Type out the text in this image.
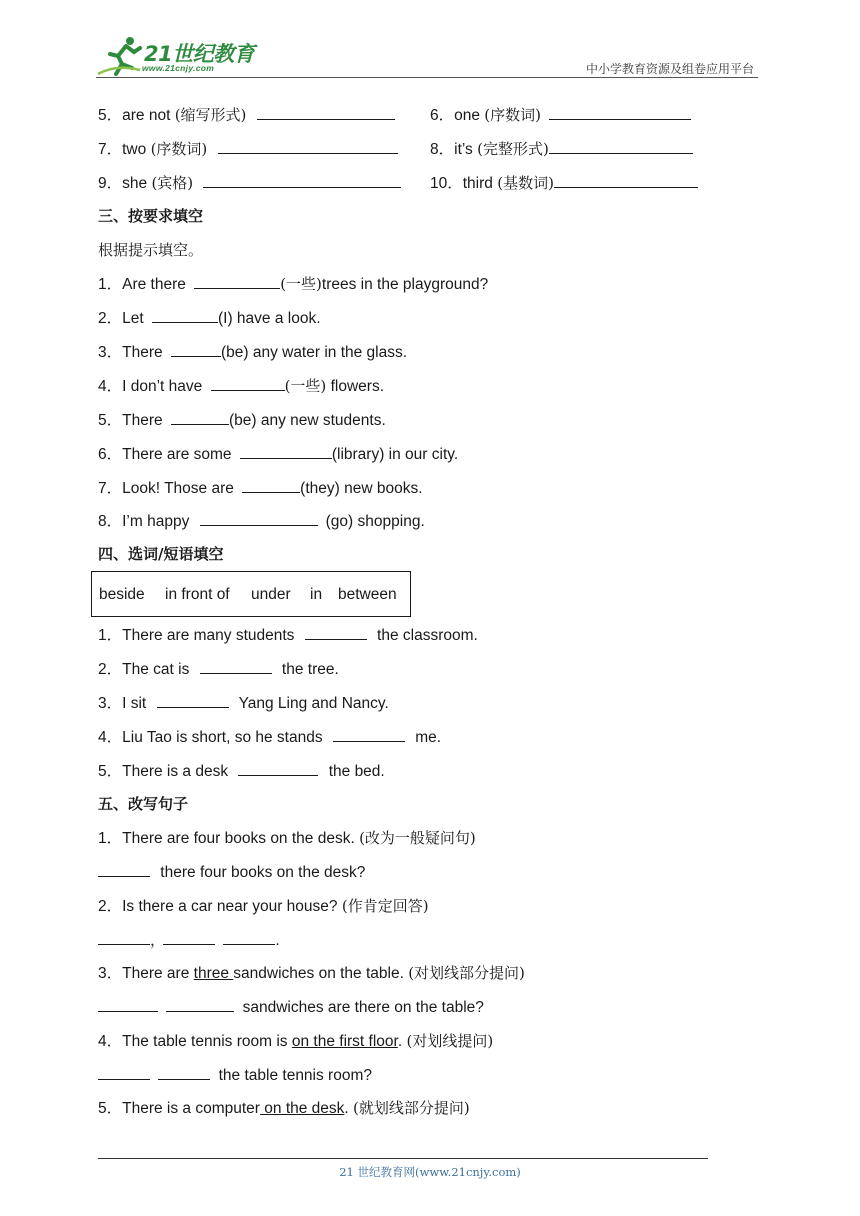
21世纪教育
www.21cnjy.com	中小学教育资源及组卷应用平台
5．are not (缩写形式)	6．one (序数词)
7．two (序数词)	8．it’s (完整形式)
9．she (宾格)	10．third (基数词)
三、按要求填空
根据提示填空。
1．Are there	(一些)trees in the playground?
2．Let	(I) have a look.
3．There	(be) any water in the glass.
4．I don’t have	(一些) flowers.
5．There	(be) any new students.
6．There are some	(library) in our city.
7．Look! Those are	(they) new books.
8．I’m happy	(go) shopping.
四、选词/短语填空
beside in front of under in between
1．There are many students	the classroom.
2．The cat is	the tree.
3．I sit	Yang Ling and Nancy.
4．Liu Tao is short, so he stands	me.
5．There is a desk	the bed.
五、改写句子
1．There are four books on the desk. (改为一般疑问句)
there four books on the desk?
2．Is there a car near your house? (作肯定回答)
，	.
3．There are three sandwiches on the table. (对划线部分提问)
sandwiches are there on the table?
4．The table tennis room is on the first floor. (对划线提问)
the table tennis room?
5．There is a computer on the desk. (就划线部分提问)
21 世纪教育网(www.21cnjy.com)
